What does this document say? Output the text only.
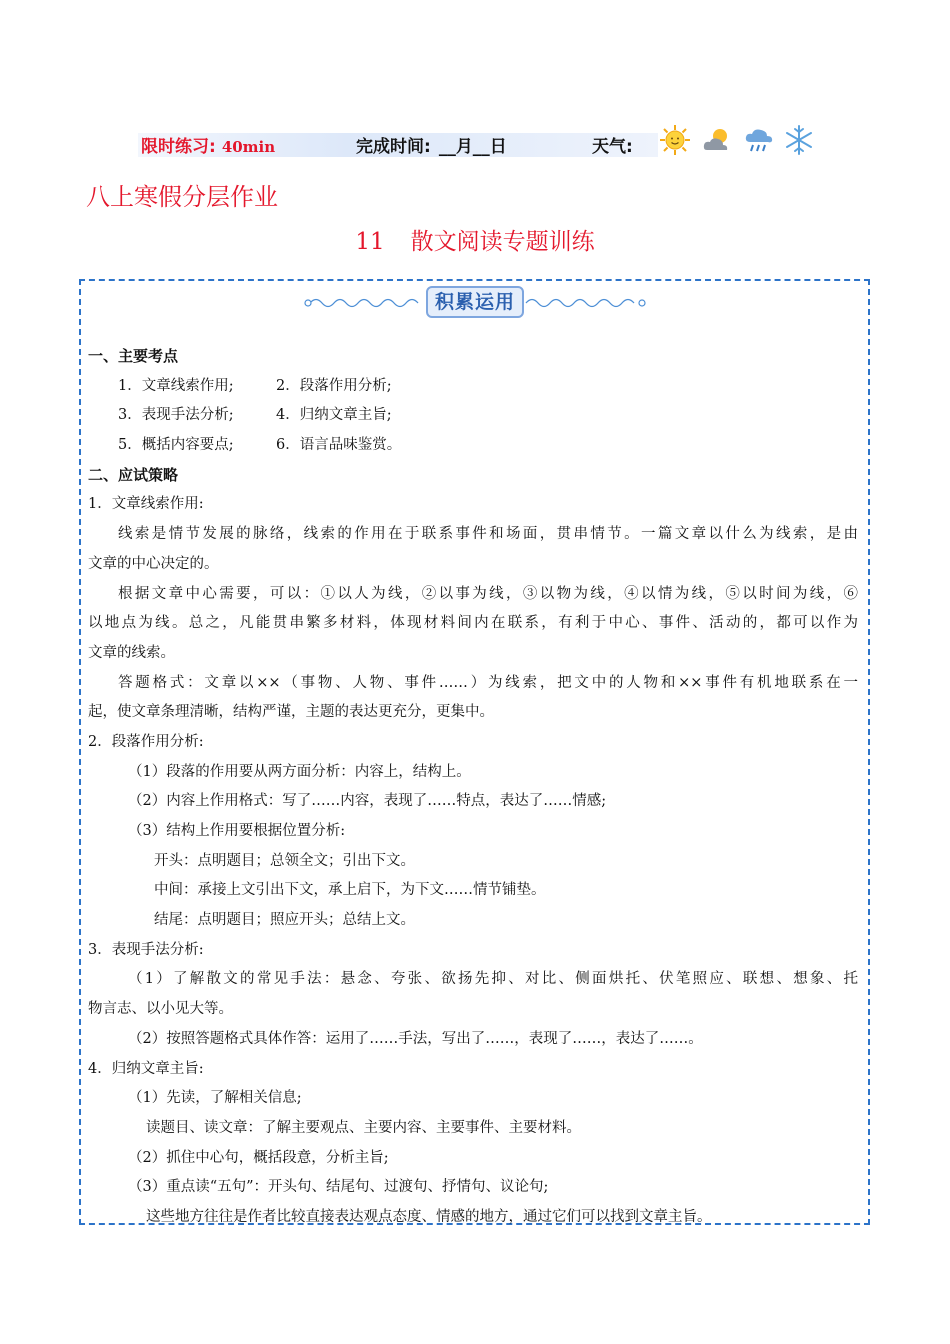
限时练习: 40min	完成时间: __月__日	天气:
八上寒假分层作业
11 散文阅读专题训练
积累运用
一、主要考点
1．文章线索作用;	2．段落作用分析;
3．表现手法分析;	4．归纳文章主旨;
5．概括内容要点;	6．语言品味鉴赏。
二、应试策略
1．文章线索作用:
线索是情节发展的脉络，线索的作用在于联系事件和场面，贯串情节。一篇文章以什么为线索，是由
文章的中心决定的。
根据文章中心需要，可以：①以人为线，②以事为线，③以物为线，④以情为线，⑤以时间为线，⑥
以地点为线。总之，凡能贯串繁多材料，体现材料间内在联系，有利于中心、事件、活动的，都可以作为
文章的线索。
答题格式：文章以××（事物、人物、事件……）为线索，把文中的人物和××事件有机地联系在一
起，使文章条理清晰，结构严谨，主题的表达更充分，更集中。
2．段落作用分析:
（1）段落的作用要从两方面分析：内容上，结构上。
（2）内容上作用格式：写了……内容，表现了……特点，表达了……情感;
（3）结构上作用要根据位置分析:
开头：点明题目；总领全文；引出下文。
中间：承接上文引出下文，承上启下，为下文……情节铺垫。
结尾：点明题目；照应开头；总结上文。
3．表现手法分析:
（1）了解散文的常见手法：悬念、夸张、欲扬先抑、对比、侧面烘托、伏笔照应、联想、想象、托
物言志、以小见大等。
（2）按照答题格式具体作答：运用了……手法，写出了……，表现了……，表达了……。
4．归纳文章主旨:
（1）先读，了解相关信息;
读题目、读文章：了解主要观点、主要内容、主要事件、主要材料。
（2）抓住中心句，概括段意，分析主旨;
（3）重点读“五句”：开头句、结尾句、过渡句、抒情句、议论句;
这些地方往往是作者比较直接表达观点态度、情感的地方，通过它们可以找到文章主旨。
